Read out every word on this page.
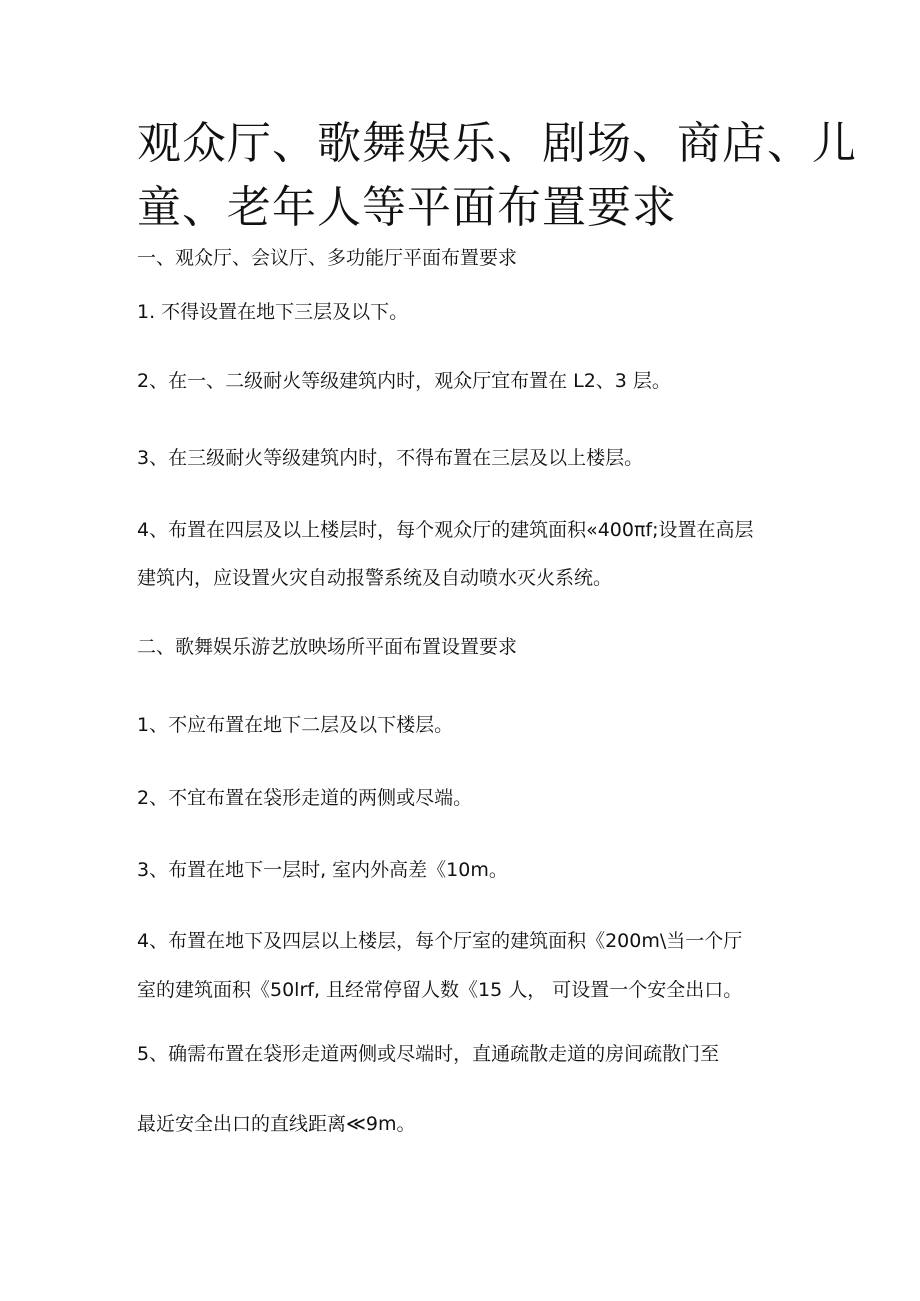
观众厅、歌舞娱乐、剧场、商店、儿
童、老年人等平面布置要求

一、观众厅、会议厅、多功能厅平面布置要求

1. 不得设置在地下三层及以下。

2、在一、二级耐火等级建筑内时，观众厅宜布置在 L2、3 层。

3、在三级耐火等级建筑内时，不得布置在三层及以上楼层。

4、布置在四层及以上楼层时，每个观众厅的建筑面积«400πf;设置在高层

建筑内，应设置火灾自动报警系统及自动喷水灭火系统。

二、歌舞娱乐游艺放映场所平面布置设置要求

1、不应布置在地下二层及以下楼层。

2、不宜布置在袋形走道的两侧或尽端。

3、布置在地下一层时, 室内外高差《10m。

4、布置在地下及四层以上楼层，每个厅室的建筑面积《200m\当一个厅

室的建筑面积《50lrf, 且经常停留人数《15 人， 可设置一个安全出口。

5、确需布置在袋形走道两侧或尽端时，直通疏散走道的房间疏散门至

最近安全出口的直线距离≪9m。
